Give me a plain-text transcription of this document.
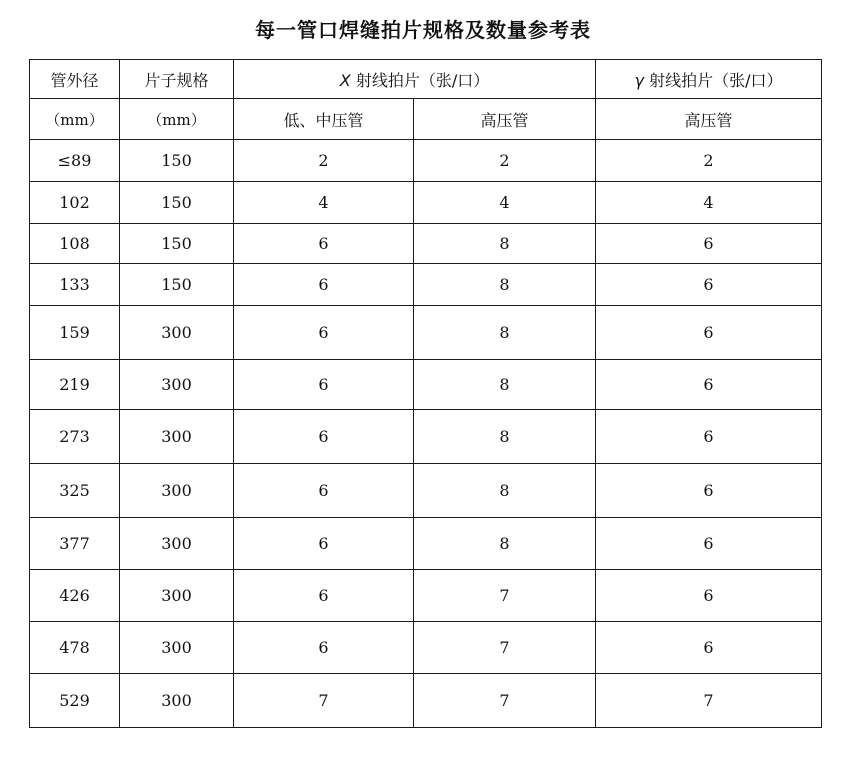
每一管口焊缝拍片规格及数量参考表
管外径	片子规格	X 射线拍片（张/口）		γ 射线拍片（张/口）
（mm）	（mm）	低、中压管	高压管	高压管
≤89	150	2	2	2
102	150	4	4	4
108	150	6	8	6
133	150	6	8	6
159	300	6	8	6
219	300	6	8	6
273	300	6	8	6
325	300	6	8	6
377	300	6	8	6
426	300	6	7	6
478	300	6	7	6
529	300	7	7	7
